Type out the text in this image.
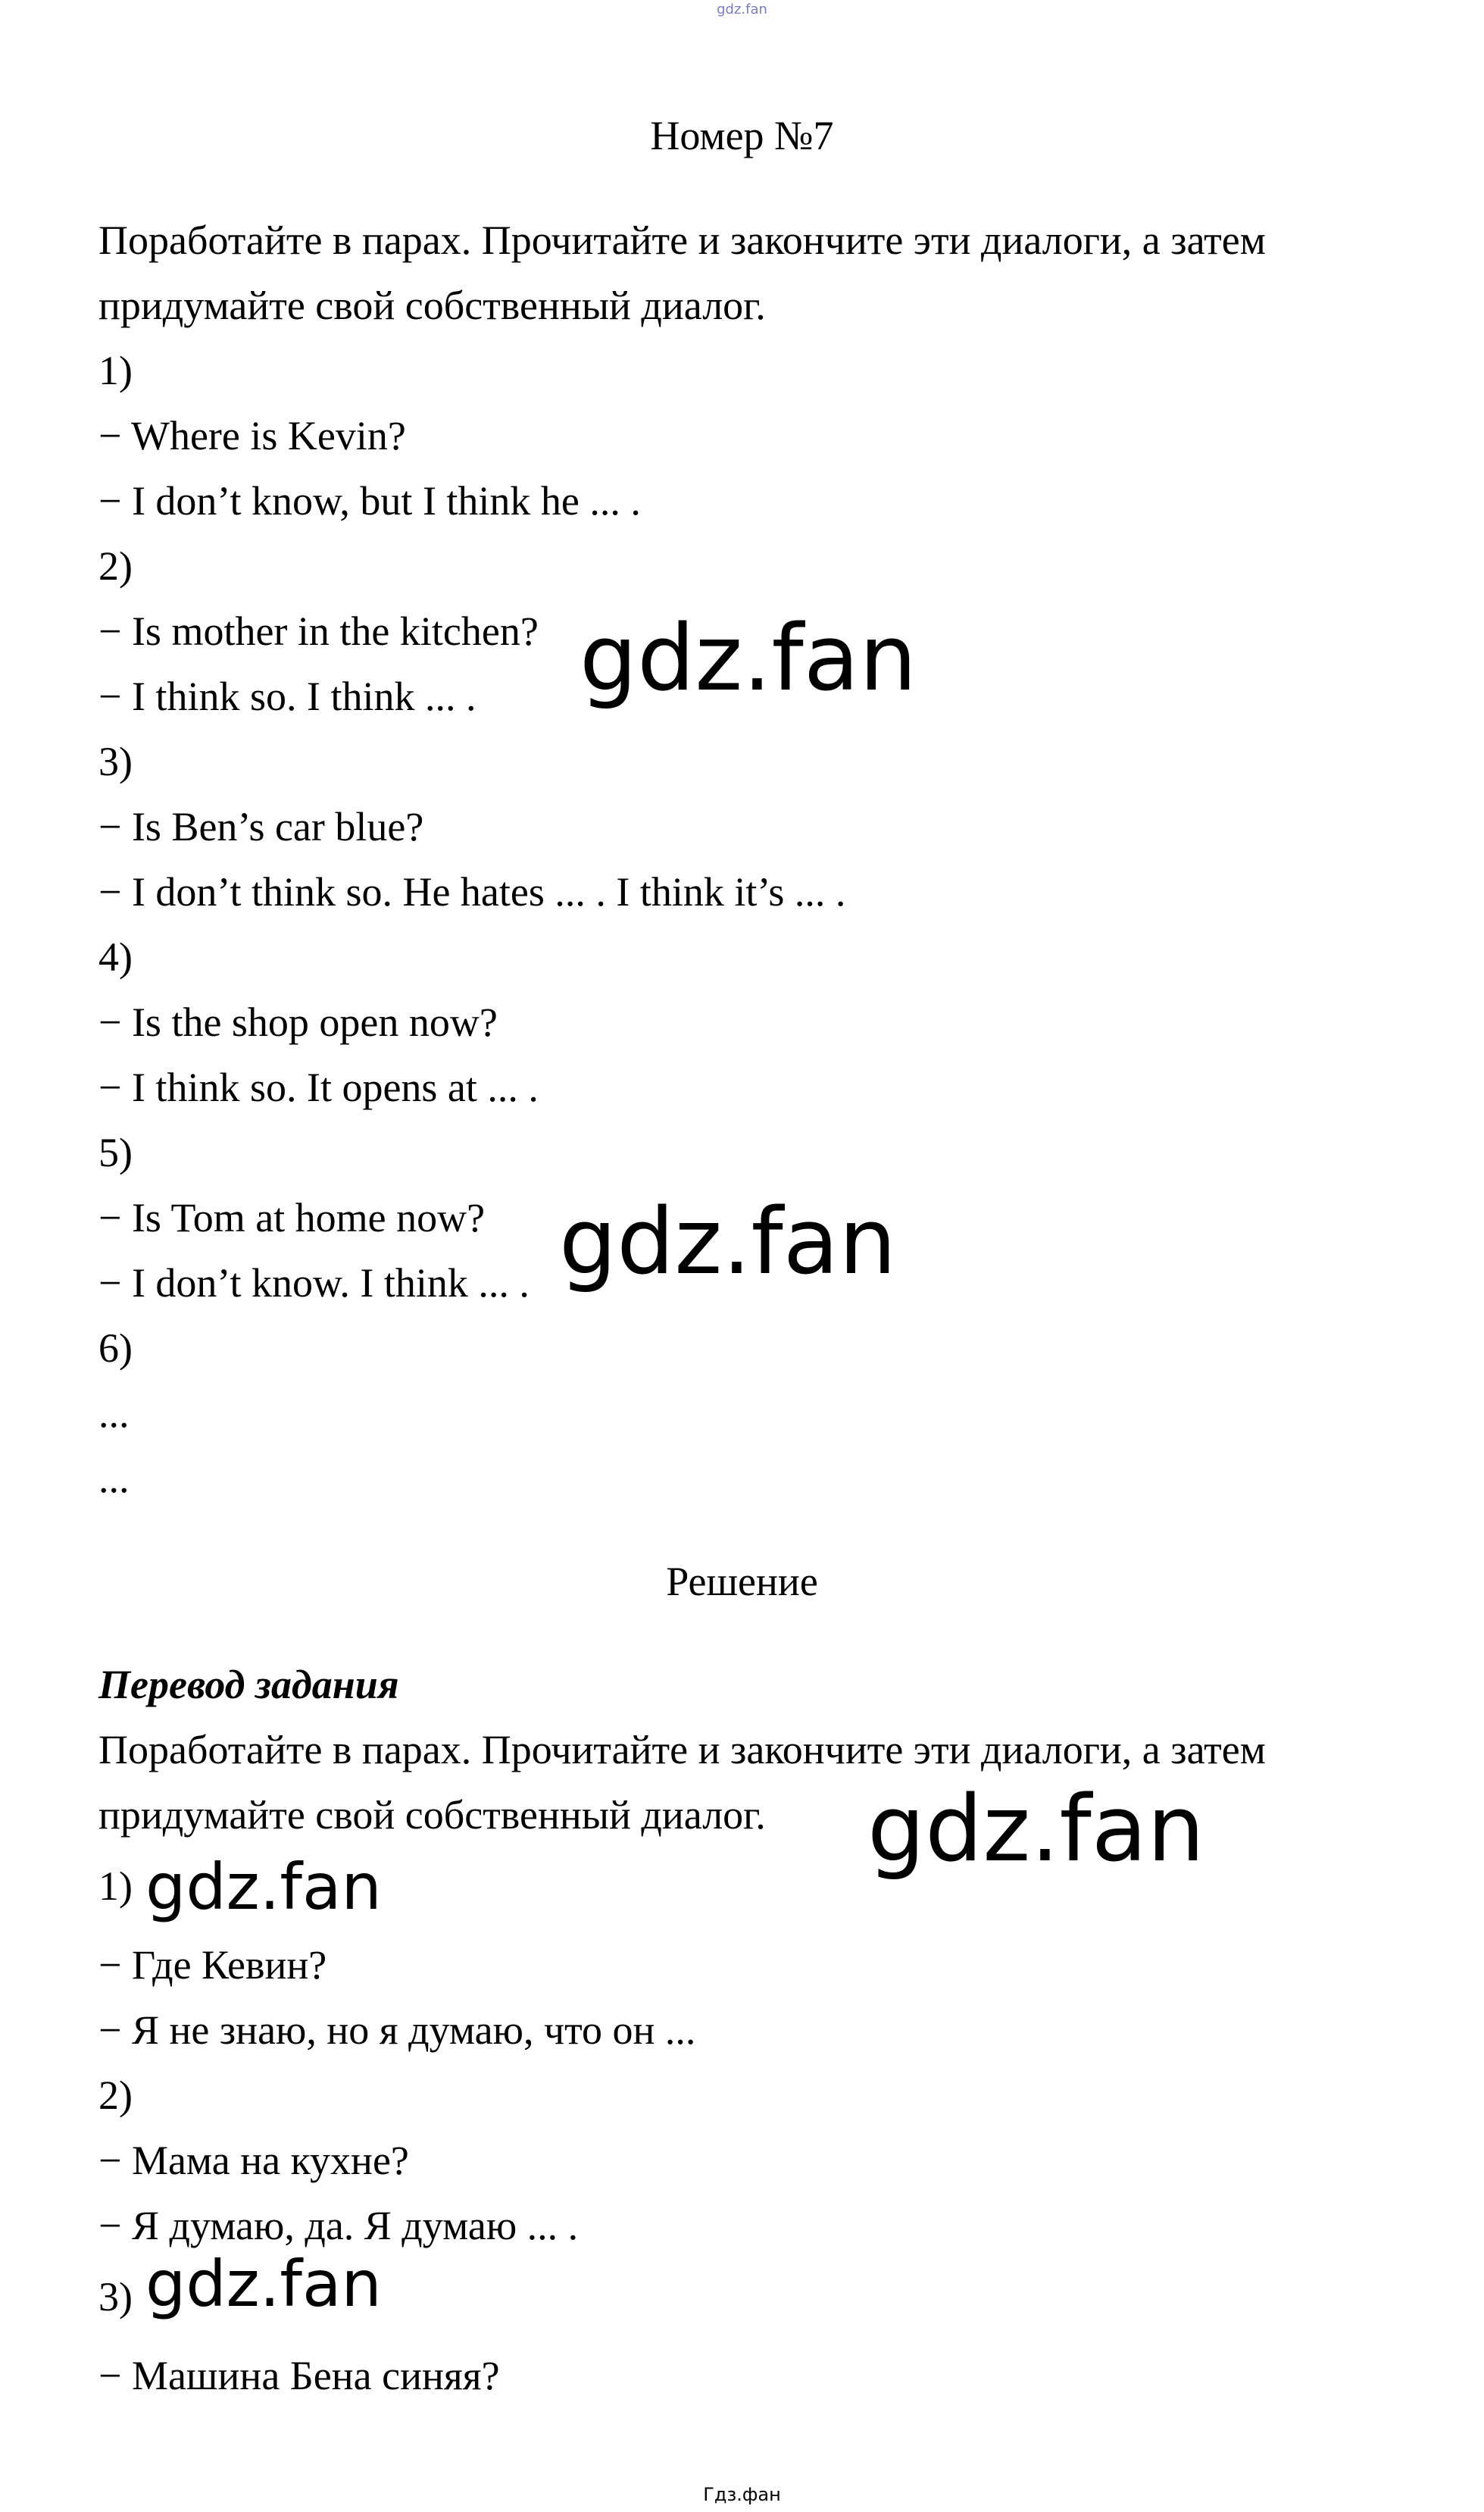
gdz.fan
Номер №7
Поработайте в парах. Прочитайте и закончите эти диалоги, а затем
придумайте свой собственный диалог.
1)
− Where is Kevin?
− I don’t know, but I think he ... .
2)
− Is mother in the kitchen?
− I think so. I think ... .
3)
− Is Ben’s car blue?
− I don’t think so. He hates ... . I think it’s ... .
4)
− Is the shop open now?
− I think so. It opens at ... .
5)
− Is Tom at home now?
− I don’t know. I think ... .
6)
...
...
Решение
Перевод задания
Поработайте в парах. Прочитайте и закончите эти диалоги, а затем
придумайте свой собственный диалог.
1)
− Где Кевин?
− Я не знаю, но я думаю, что он ...
2)
− Мама на кухне?
− Я думаю, да. Я думаю ... .
3)
− Машина Бена синяя?
gdz.fan
gdz.fan
gdz.fan
gdz.fan
gdz.fan
Гдз.фан
